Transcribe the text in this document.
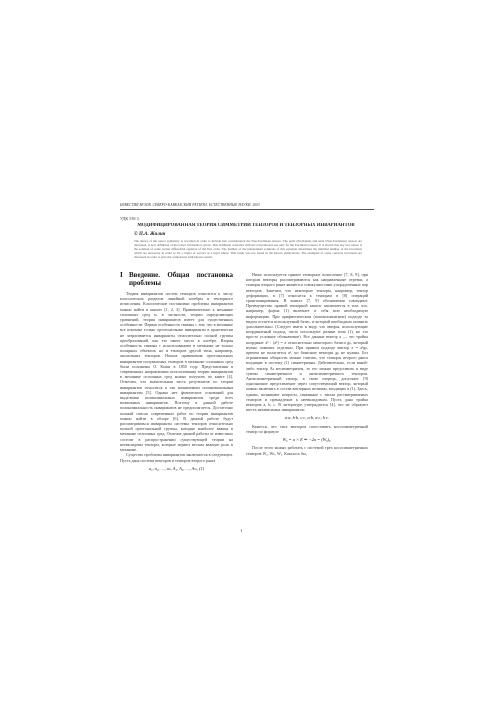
ИЗВЕСТИЯ ВУЗОВ. СЕВЕРО-КАВКАЗСКИЙ РЕГИОН. ЕСТЕСТВЕННЫЕ НАУКИ. 2003
УДК 539.3
МОДИФИЦИРОВАННАЯ ТЕОРИЯ СИММЕТРИИ ТЕНЗОРОВ И ТЕНЗОРНЫХ ИНВАРИАНТОВ
© П.А. Жилин
The theory of the tensor symmetry is rewritten in order to include into consideration the Non-Euclidean tensors. The polar (Euclidean) and axial (Non-Euclidean) tensors are discussed. A new definition of the tensor invariants is given. This definition coincides with the conventional one only for the Euclidean tensors. It is shown that any two-tensor is the solution of some partial differential equation of the first order. The number of the independent solutions of this equation determines the minimal number of the invariants which are necessary in order to fix a triplet of vectors as a rigid whole. This result was not found in the known publications. The examples of some concrete invariants are discussed in order to give the comparison with known results.
I Введение. Общая постановка проблемы

Теория инвариантов систем тензоров относится к числу классических разделов линейной алгебры и тензорного исчисления. Классические постановки проблемы инвариантов можно найти в книгах [1, 2, 3]. Применительно к механике сплошных сред и, в частности, теории определяющих уравнений, теория инвариантов имеет для существенных особенности. Первая особенность связана с тем, что в механике все искомые только ортогональные инварианты в практически не затрагивается инварианты относительно полной группы преобразований, как это имеет место в алгебре. Вторая особенность связана с использованием в механике не только полярных объектов, но и тензоров другой типа, например, аксиальных тензоров. Начала применения ортогональных инвариантов полуакисных тензоров в механике сплошных сред были положены О. Коши в 1850 году. Представления в современных направлениях использования теории инвариантов в механике сплошных сред можно получить по книге [4]. Отметим, что значительная часть результатов по теории инвариантов относится к так называемым полиномиальным инвариантам [5]. Однако нет физических оснований для выделения полиномиальных инвариантов среди всех возможных инвариантов. Поэтому в данной работе полиномиальность инвариантов не предполагается. Достаточно полный список современных работ по теории инвариантов можно найти в обзоре [6]. В данной работе будут рассматриваться инварианты системы тензоров относительно полной ортогональной группы, которые наиболее важны в механике сплошных сред. Отличие данной работы от известных состоит в распространении существующей теории на неевклидовы тензоры, которые играют весьма важную роль в механике.

Существо проблемы инвариантов заключается в следующем. Пусть дана система векторов и тензоров второго ранга

a₁, a₂, …, aₙ, A₁, A₂, …, Aₘ, (1)

Ниже используется прямое тензорное исчисление [7, 8, 9], при котором векторы рассматриваются как направленные отрезки, а тензоры второго ранга являются совокупностями упорядоченных пар векторов. Заметим, что некоторые тензоры, например, тензор деформации, в [7] относятся к тензорам в [8] операций транспонирования. В книгах [7, 9] обозначения совпадают. Преимущество прямой тензорной записи заключается в том, что, например, форма (1) включает в себя всю необходимую информацию. При арифметическом (покомпонентном) подходе за видом остается используемый базис, и который необходимо помнить дополнительно. (Следует иметь в виду, что авторы, использующие координатный подход, часто используют разные типа (1), но это просто условное обозначение). Все данные вектор a — это тройка координат aᵏ : (aᵏ) = a относительно некоторого базиса gₖ, который нужно помнить отдельно. При прямом подходе вектор a = aᵏgₖ, причем не полагается aᵏ, но базисные векторы gₖ не нужны. Без ограничения общности можно считать, что тензоры второго ранга входящие в систему (1) симметричны. Действительно, если какой-либо тензор Aₖ несимметричен, то его можно представить в виде суммы симметричного и антисимметричного тензоров. Антисимметричный тензор, в свою очередь, допускает [9] однозначное представление через сопутствующий вектор, который можно включить в состав векторных величин, входящих в (1). Здесь, однако, возникают вопросы, связанные с типом рассматриваемых тензоров и пренадлежат к неевклидовым. Пусть дана тройка векторов a, b, c. В литературе утверждается [4], что не образуют шесть независимых инвариантов:

a·a, b·b, c·c, a·b, a·c, b·c.

Кажется, что этих векторов сопоставить кососимметричный тензор по формуле

Wₐ = a × E ⇒ −2a = (Wₐ)ₓ,

После этого можно работать с системой трех кососимметричных тензоров Wₐ, Wₕ, Wₒ. Казалось бы,

1
